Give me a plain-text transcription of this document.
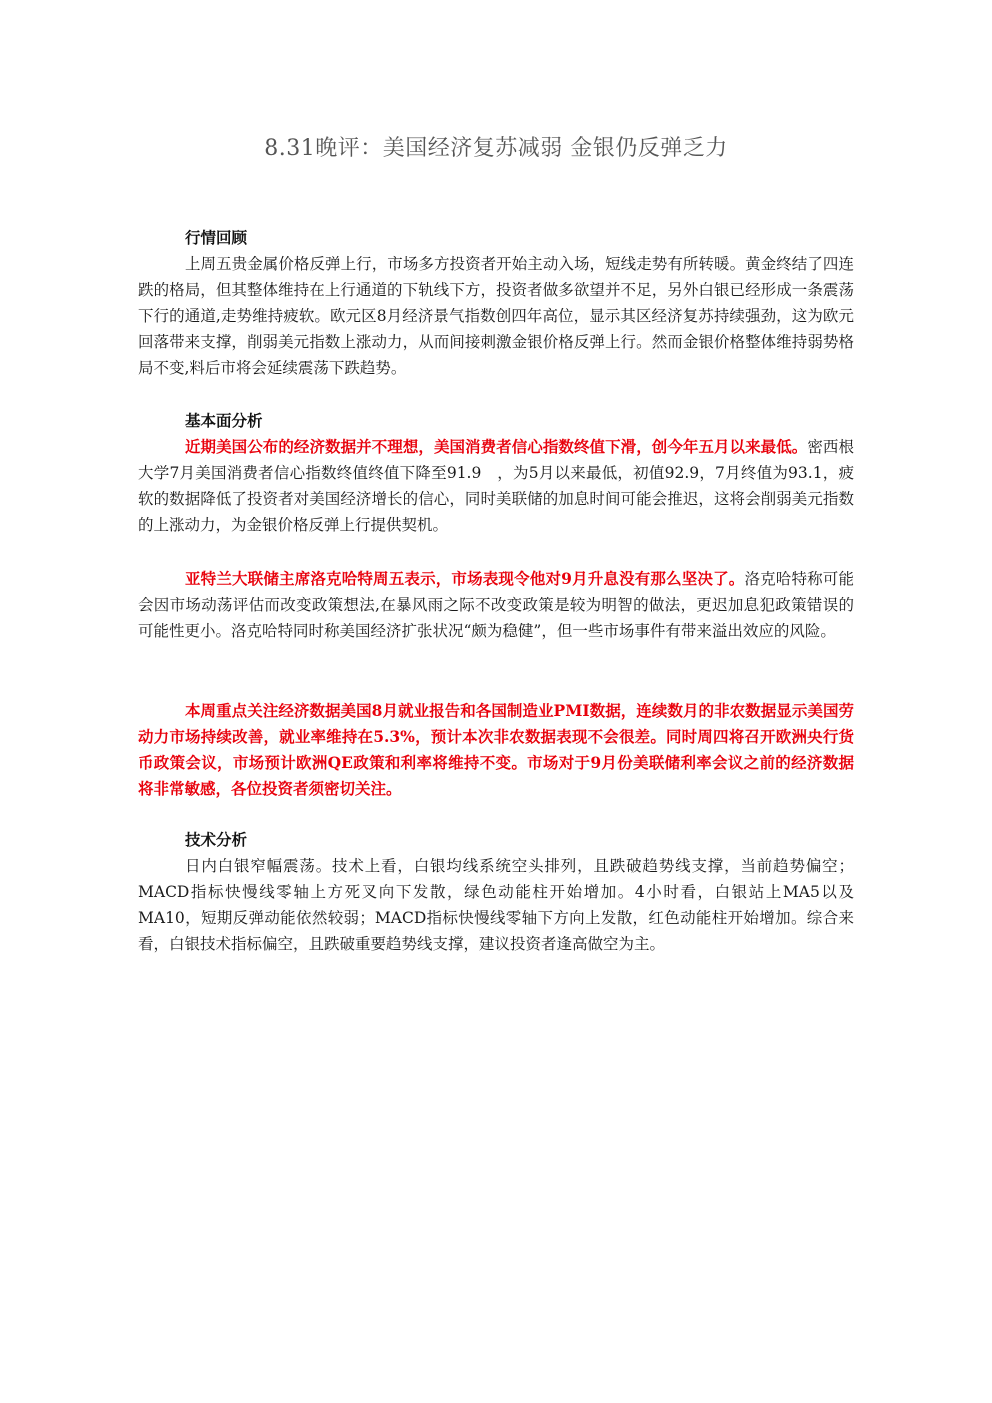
8.31晚评：美国经济复苏减弱 金银仍反弹乏力
行情回顾

上周五贵金属价格反弹上行，市场多方投资者开始主动入场，短线走势有所转暖。黄金终结了四连跌的格局，但其整体维持在上行通道的下轨线下方，投资者做多欲望并不足，另外白银已经形成一条震荡下行的通道,走势维持疲软。欧元区8月经济景气指数创四年高位，显示其区经济复苏持续强劲，这为欧元回落带来支撑，削弱美元指数上涨动力，从而间接刺激金银价格反弹上行。然而金银价格整体维持弱势格局不变,料后市将会延续震荡下跌趋势。

基本面分析

近期美国公布的经济数据并不理想，美国消费者信心指数终值下滑，创今年五月以来最低。密西根大学7月美国消费者信心指数终值终值下降至91.9　，为5月以来最低，初值92.9，7月终值为93.1，疲软的数据降低了投资者对美国经济增长的信心，同时美联储的加息时间可能会推迟，这将会削弱美元指数的上涨动力，为金银价格反弹上行提供契机。

亚特兰大联储主席洛克哈特周五表示，市场表现令他对9月升息没有那么坚决了。洛克哈特称可能会因市场动荡评估而改变政策想法,在暴风雨之际不改变政策是较为明智的做法，更迟加息犯政策错误的可能性更小。洛克哈特同时称美国经济扩张状况“颇为稳健”，但一些市场事件有带来溢出效应的风险。

本周重点关注经济数据美国8月就业报告和各国制造业PMI数据，连续数月的非农数据显示美国劳动力市场持续改善，就业率维持在5.3%，预计本次非农数据表现不会很差。同时周四将召开欧洲央行货币政策会议，市场预计欧洲QE政策和利率将维持不变。市场对于9月份美联储利率会议之前的经济数据将非常敏感，各位投资者须密切关注。

技术分析

日内白银窄幅震荡。技术上看，白银均线系统空头排列，且跌破趋势线支撑，当前趋势偏空；MACD指标快慢线零轴上方死叉向下发散，绿色动能柱开始增加。4小时看，白银站上MA5以及MA10，短期反弹动能依然较弱；MACD指标快慢线零轴下方向上发散，红色动能柱开始增加。综合来看，白银技术指标偏空，且跌破重要趋势线支撑，建议投资者逢高做空为主。
